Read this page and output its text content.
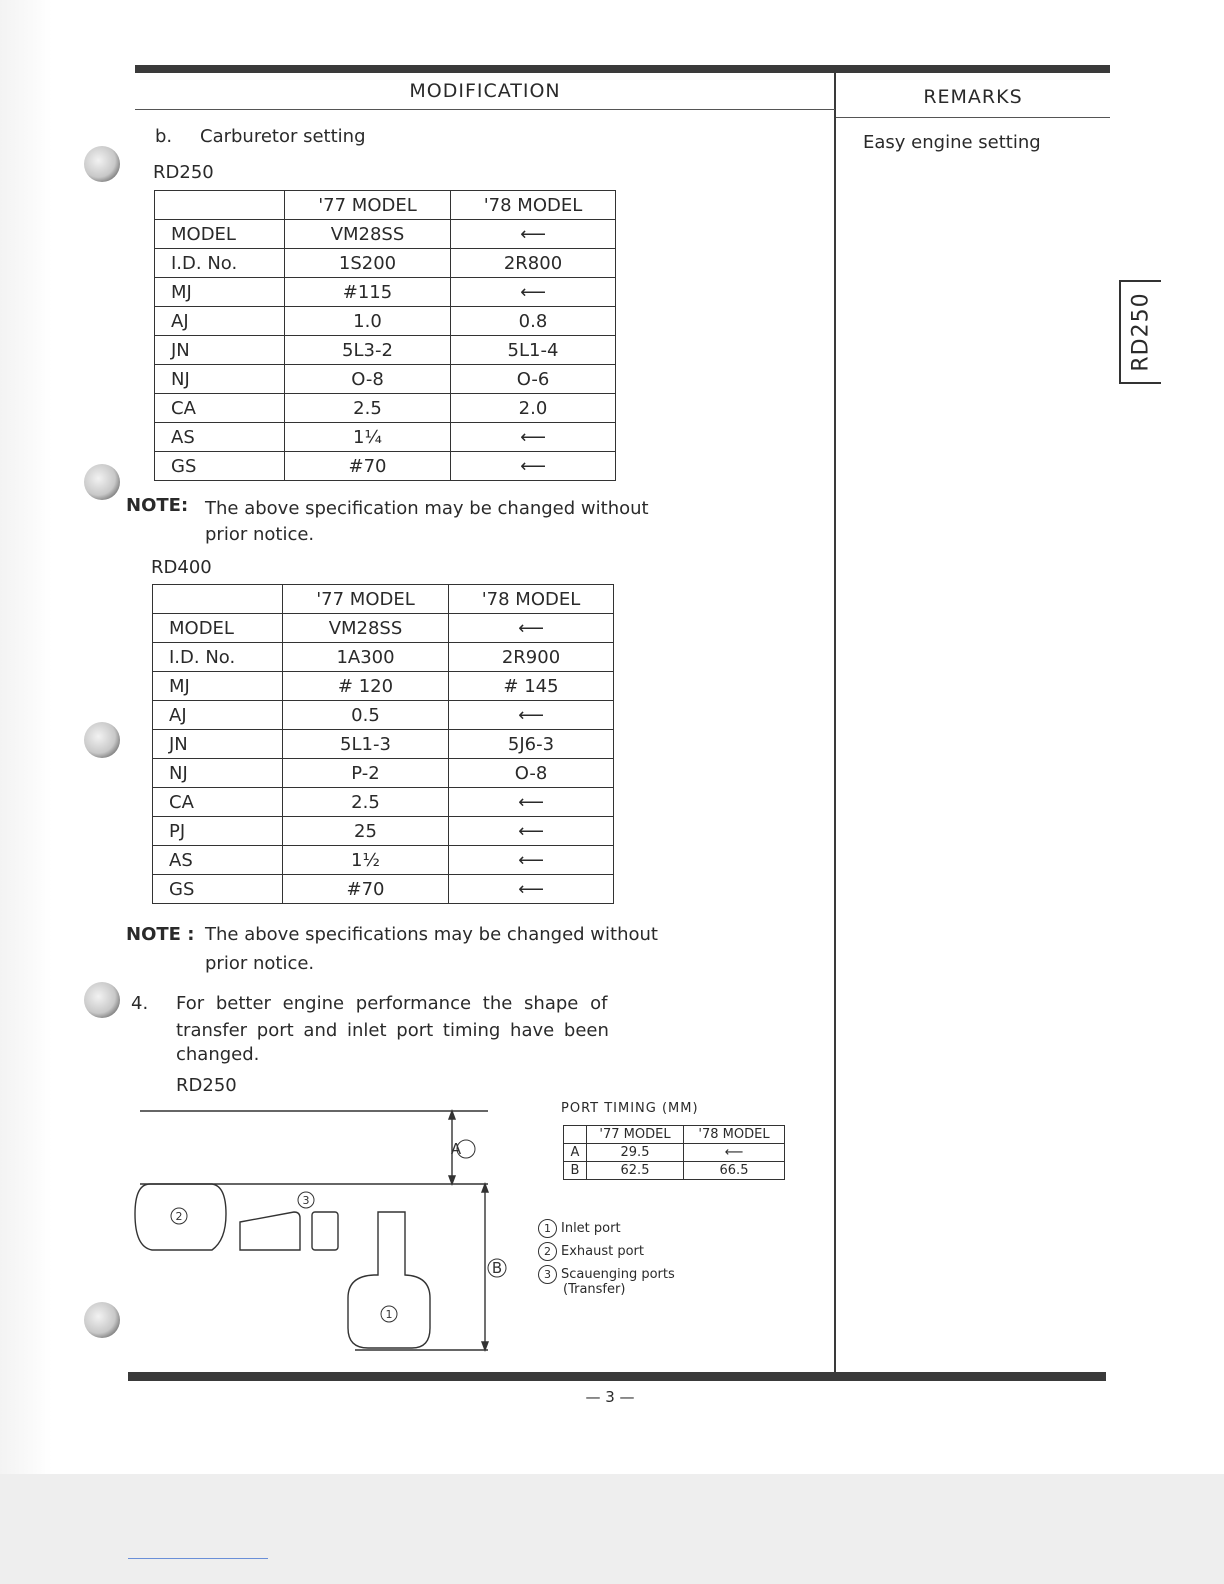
MODIFICATION	REMARKS
RD250
b. Carburetor setting	Easy engine setting
RD250
	'77 MODEL	'78 MODEL
MODEL	VM28SS	⟵
I.D. No.	1S200	2R800
MJ	#115	⟵
AJ	1.0	0.8
JN	5L3-2	5L1-4
NJ	O-8	O-6
CA	2.5	2.0
AS	1¼	⟵
GS	#70	⟵
NOTE: The above specification may be changed without
prior notice.
RD400
	'77 MODEL	'78 MODEL
MODEL	VM28SS	⟵
I.D. No.	1A300	2R900
MJ	# 120	# 145
AJ	0.5	⟵
JN	5L1-3	5J6-3
NJ	P-2	O-8
CA	2.5	⟵
PJ	25	⟵
AS	1½	⟵
GS	#70	⟵
NOTE : The above specifications may be changed without
prior notice.
4. For better engine performance the shape of
transfer port and inlet port timing have been
changed.
RD250
A
B
2
3
1
PORT TIMING (MM)
	'77 MODEL	'78 MODEL
A	29.5	⟵
B	62.5	66.5
1 Inlet port
2 Exhaust port
3 Scauenging ports
(Transfer)
— 3 —
